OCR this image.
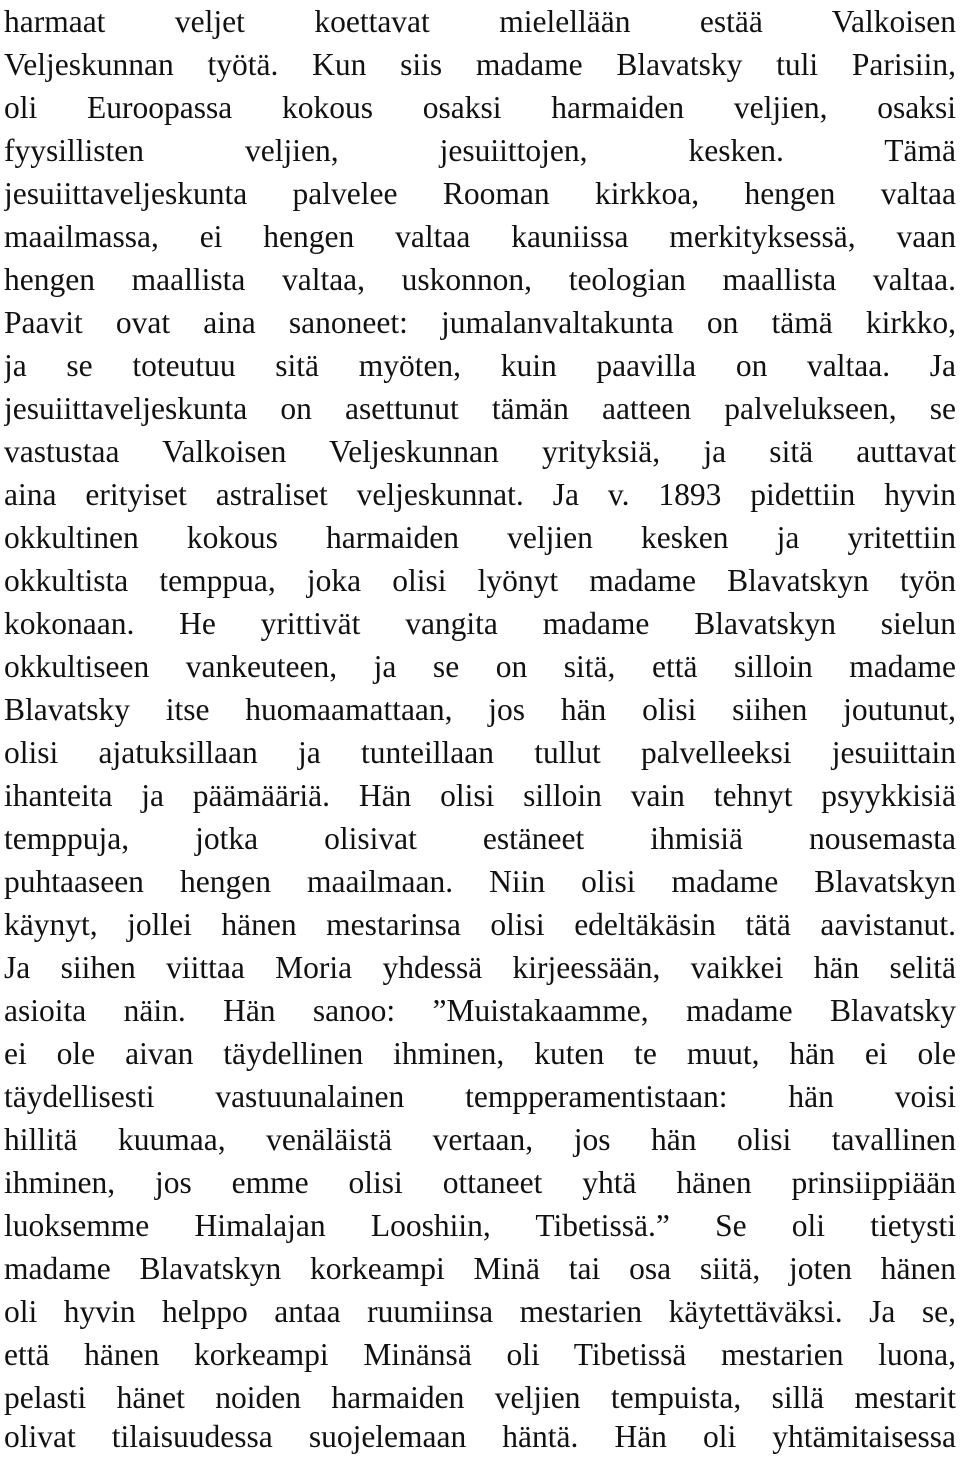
harmaat veljet koettavat mielellään estää Valkoisen
Veljeskunnan työtä. Kun siis madame Blavatsky tuli Parisiin,
oli Euroopassa kokous osaksi harmaiden veljien, osaksi
fyysillisten veljien, jesuiittojen, kesken. Tämä
jesuiittaveljeskunta palvelee Rooman kirkkoa, hengen valtaa
maailmassa, ei hengen valtaa kauniissa merkityksessä, vaan
hengen maallista valtaa, uskonnon, teologian maallista valtaa.
Paavit ovat aina sanoneet: jumalanvaltakunta on tämä kirkko,
ja se toteutuu sitä myöten, kuin paavilla on valtaa. Ja
jesuiittaveljeskunta on asettunut tämän aatteen palvelukseen, se
vastustaa Valkoisen Veljeskunnan yrityksiä, ja sitä auttavat
aina erityiset astraliset veljeskunnat. Ja v. 1893 pidettiin hyvin
okkultinen kokous harmaiden veljien kesken ja yritettiin
okkultista temppua, joka olisi lyönyt madame Blavatskyn työn
kokonaan. He yrittivät vangita madame Blavatskyn sielun
okkultiseen vankeuteen, ja se on sitä, että silloin madame
Blavatsky itse huomaamattaan, jos hän olisi siihen joutunut,
olisi ajatuksillaan ja tunteillaan tullut palvelleeksi jesuiittain
ihanteita ja päämääriä. Hän olisi silloin vain tehnyt psyykkisiä
temppuja, jotka olisivat estäneet ihmisiä nousemasta
puhtaaseen hengen maailmaan. Niin olisi madame Blavatskyn
käynyt, jollei hänen mestarinsa olisi edeltäkäsin tätä aavistanut.
Ja siihen viittaa Moria yhdessä kirjeessään, vaikkei hän selitä
asioita näin. Hän sanoo: ”Muistakaamme, madame Blavatsky
ei ole aivan täydellinen ihminen, kuten te muut, hän ei ole
täydellisesti vastuunalainen tempperamentistaan: hän voisi
hillitä kuumaa, venäläistä vertaan, jos hän olisi tavallinen
ihminen, jos emme olisi ottaneet yhtä hänen prinsiippiään
luoksemme Himalajan Looshiin, Tibetissä.” Se oli tietysti
madame Blavatskyn korkeampi Minä tai osa siitä, joten hänen
oli hyvin helppo antaa ruumiinsa mestarien käytettäväksi. Ja se,
että hänen korkeampi Minänsä oli Tibetissä mestarien luona,
pelasti hänet noiden harmaiden veljien tempuista, sillä mestarit
olivat tilaisuudessa suojelemaan häntä. Hän oli yhtämitaisessa
